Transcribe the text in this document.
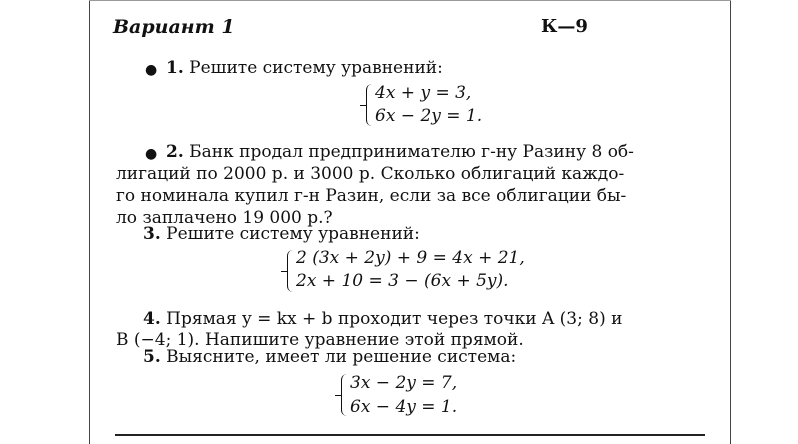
Вариант 1	К—9
● 1. Решите систему уравнений:
4x + y = 3,
6x − 2y = 1.
● 2. Банк продал предпринимателю г-ну Разину 8 об-
лигаций по 2000 р. и 3000 р. Сколько облигаций каждо-
го номинала купил г-н Разин, если за все облигации бы-
ло заплачено 19 000 р.?
3. Решите систему уравнений:
2 (3x + 2y) + 9 = 4x + 21,
2x + 10 = 3 − (6x + 5y).
4. Прямая y = kx + b проходит через точки A (3; 8) и
B (−4; 1). Напишите уравнение этой прямой.
5. Выясните, имеет ли решение система:
3x − 2y = 7,
6x − 4y = 1.
